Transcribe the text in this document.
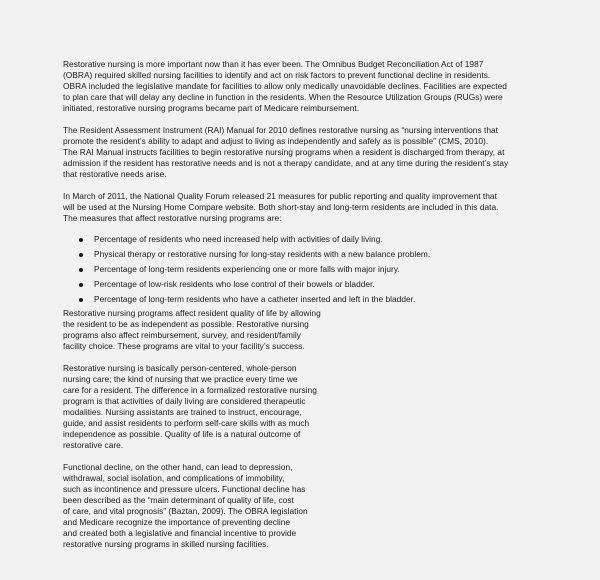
Restorative nursing is more important now than it has ever been. The Omnibus Budget Reconciliation Act of 1987
(OBRA) required skilled nursing facilities to identify and act on risk factors to prevent functional decline in residents.
OBRA included the legislative mandate for facilities to allow only medically unavoidable declines. Facilities are expected
to plan care that will delay any decline in function in the residents. When the Resource Utilization Groups (RUGs) were
initiated, restorative nursing programs became part of Medicare reimbursement.
The Resident Assessment Instrument (RAI) Manual for 2010 defines restorative nursing as “nursing interventions that
promote the resident’s ability to adapt and adjust to living as independently and safely as is possible” (CMS, 2010).
The RAI Manual instructs facilities to begin restorative nursing programs when a resident is discharged from therapy, at
admission if the resident has restorative needs and is not a therapy candidate, and at any time during the resident’s stay
that restorative needs arise.
In March of 2011, the National Quality Forum released 21 measures for public reporting and quality improvement that
will be used at the Nursing Home Compare website. Both short-stay and long-term residents are included in this data.
The measures that affect restorative nursing programs are:
Percentage of residents who need increased help with activities of daily living.
Physical therapy or restorative nursing for long-stay residents with a new balance problem.
Percentage of long-term residents experiencing one or more falls with major injury.
Percentage of low-risk residents who lose control of their bowels or bladder.
Percentage of long-term residents who have a catheter inserted and left in the bladder.
Restorative nursing programs affect resident quality of life by allowing
the resident to be as independent as possible. Restorative nursing
programs also affect reimbursement, survey, and resident/family
facility choice. These programs are vital to your facility’s success.
Restorative nursing is basically person-centered, whole-person
nursing care; the kind of nursing that we practice every time we
care for a resident. The difference in a formalized restorative nursing
program is that activities of daily living are considered therapeutic
modalities. Nursing assistants are trained to instruct, encourage,
guide, and assist residents to perform self-care skills with as much
independence as possible. Quality of life is a natural outcome of
restorative care.
Functional decline, on the other hand, can lead to depression,
withdrawal, social isolation, and complications of immobility,
such as incontinence and pressure ulcers. Functional decline has
been described as the “main determinant of quality of life, cost
of care, and vital prognosis” (Baztan, 2009). The OBRA legislation
and Medicare recognize the importance of preventing decline
and created both a legislative and financial incentive to provide
restorative nursing programs in skilled nursing facilities.
